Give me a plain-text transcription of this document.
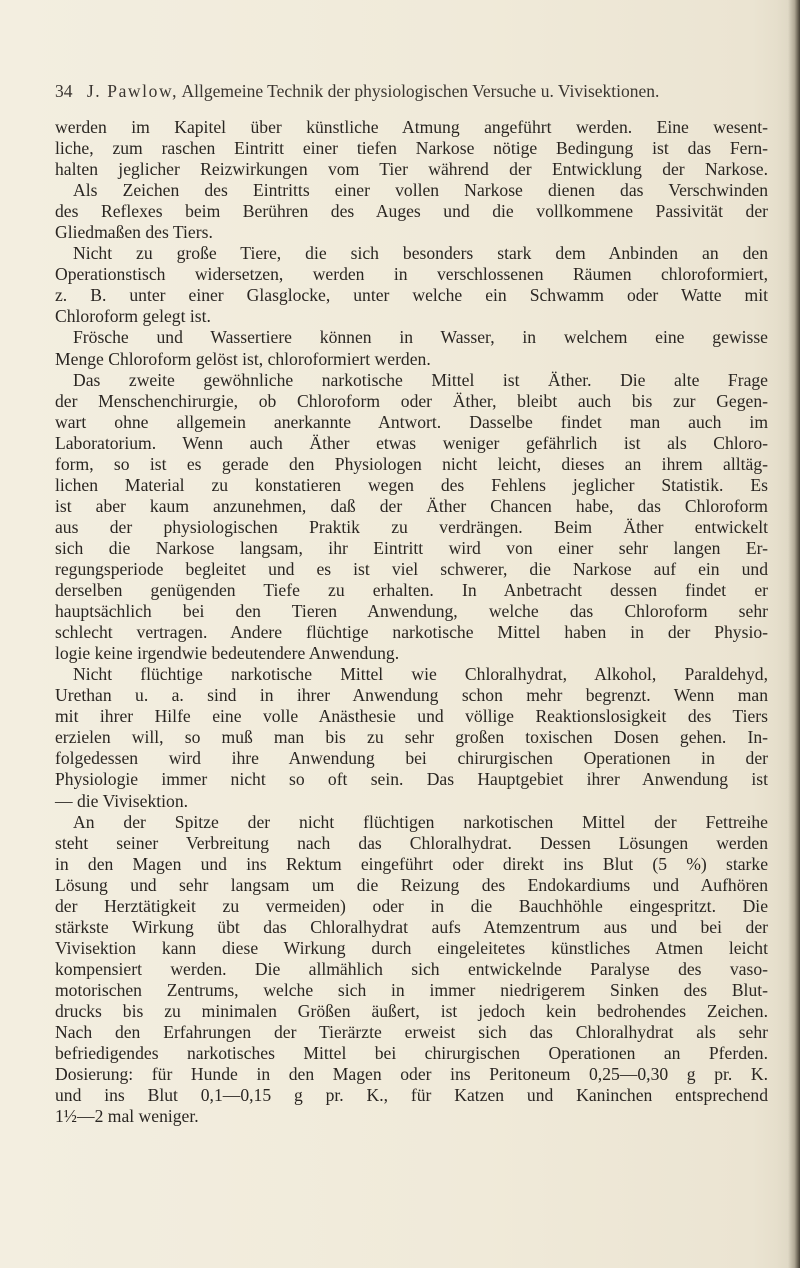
34 J. Pawlow, Allgemeine Technik der physiologischen Versuche u. Vivisektionen.
werden im Kapitel über künstliche Atmung angeführt werden. Eine wesent-
liche, zum raschen Eintritt einer tiefen Narkose nötige Bedingung ist das Fern-
halten jeglicher Reizwirkungen vom Tier während der Entwicklung der Narkose.
Als Zeichen des Eintritts einer vollen Narkose dienen das Verschwinden
des Reflexes beim Berühren des Auges und die vollkommene Passivität der
Gliedmaßen des Tiers.
Nicht zu große Tiere, die sich besonders stark dem Anbinden an den
Operationstisch widersetzen, werden in verschlossenen Räumen chloroformiert,
z. B. unter einer Glasglocke, unter welche ein Schwamm oder Watte mit
Chloroform gelegt ist.
Frösche und Wassertiere können in Wasser, in welchem eine gewisse
Menge Chloroform gelöst ist, chloroformiert werden.
Das zweite gewöhnliche narkotische Mittel ist Äther. Die alte Frage
der Menschenchirurgie, ob Chloroform oder Äther, bleibt auch bis zur Gegen-
wart ohne allgemein anerkannte Antwort. Dasselbe findet man auch im
Laboratorium. Wenn auch Äther etwas weniger gefährlich ist als Chloro-
form, so ist es gerade den Physiologen nicht leicht, dieses an ihrem alltäg-
lichen Material zu konstatieren wegen des Fehlens jeglicher Statistik. Es
ist aber kaum anzunehmen, daß der Äther Chancen habe, das Chloroform
aus der physiologischen Praktik zu verdrängen. Beim Äther entwickelt
sich die Narkose langsam, ihr Eintritt wird von einer sehr langen Er-
regungsperiode begleitet und es ist viel schwerer, die Narkose auf ein und
derselben genügenden Tiefe zu erhalten. In Anbetracht dessen findet er
hauptsächlich bei den Tieren Anwendung, welche das Chloroform sehr
schlecht vertragen. Andere flüchtige narkotische Mittel haben in der Physio-
logie keine irgendwie bedeutendere Anwendung.
Nicht flüchtige narkotische Mittel wie Chloralhydrat, Alkohol, Paraldehyd,
Urethan u. a. sind in ihrer Anwendung schon mehr begrenzt. Wenn man
mit ihrer Hilfe eine volle Anästhesie und völlige Reaktionslosigkeit des Tiers
erzielen will, so muß man bis zu sehr großen toxischen Dosen gehen. In-
folgedessen wird ihre Anwendung bei chirurgischen Operationen in der
Physiologie immer nicht so oft sein. Das Hauptgebiet ihrer Anwendung ist
— die Vivisektion.
An der Spitze der nicht flüchtigen narkotischen Mittel der Fettreihe
steht seiner Verbreitung nach das Chloralhydrat. Dessen Lösungen werden
in den Magen und ins Rektum eingeführt oder direkt ins Blut (5 %) starke
Lösung und sehr langsam um die Reizung des Endokardiums und Aufhören
der Herztätigkeit zu vermeiden) oder in die Bauchhöhle eingespritzt. Die
stärkste Wirkung übt das Chloralhydrat aufs Atemzentrum aus und bei der
Vivisektion kann diese Wirkung durch eingeleitetes künstliches Atmen leicht
kompensiert werden. Die allmählich sich entwickelnde Paralyse des vaso-
motorischen Zentrums, welche sich in immer niedrigerem Sinken des Blut-
drucks bis zu minimalen Größen äußert, ist jedoch kein bedrohendes Zeichen.
Nach den Erfahrungen der Tierärzte erweist sich das Chloralhydrat als sehr
befriedigendes narkotisches Mittel bei chirurgischen Operationen an Pferden.
Dosierung: für Hunde in den Magen oder ins Peritoneum 0,25—0,30 g pr. K.
und ins Blut 0,1—0,15 g pr. K., für Katzen und Kaninchen entsprechend
1½—2 mal weniger.
